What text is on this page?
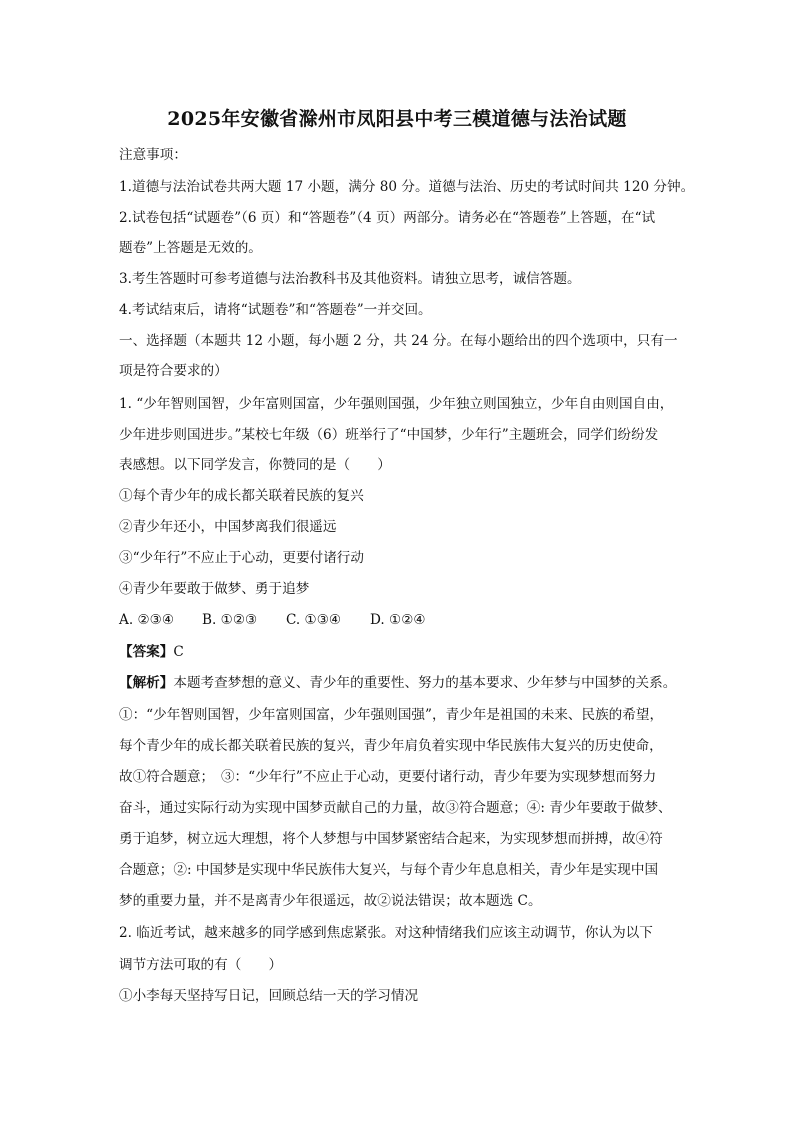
2025年安徽省滁州市凤阳县中考三模道德与法治试题
注意事项：
1.道德与法治试卷共两大题 17 小题，满分 80 分。道德与法治、历史的考试时间共 120 分钟。
2.试卷包括“试题卷”（6 页）和“答题卷”（4 页）两部分。请务必在“答题卷”上答题，在“试
题卷”上答题是无效的。
3.考生答题时可参考道德与法治教科书及其他资料。请独立思考，诚信答题。
4.考试结束后，请将“试题卷”和“答题卷”一并交回。
一、选择题（本题共 12 小题，每小题 2 分，共 24 分。在每小题给出的四个选项中，只有一
项是符合要求的）
1. “少年智则国智，少年富则国富，少年强则国强，少年独立则国独立，少年自由则国自由，
少年进步则国进步。”某校七年级（6）班举行了“中国梦，少年行”主题班会，同学们纷纷发
表感想。以下同学发言，你赞同的是（　　）
①每个青少年的成长都关联着民族的复兴
②青少年还小，中国梦离我们很遥远
③“少年行”不应止于心动，更要付诸行动
④青少年要敢于做梦、勇于追梦
A. ②③④ B. ①②③ C. ①③④ D. ①②④
【答案】C
【解析】本题考查梦想的意义、青少年的重要性、努力的基本要求、少年梦与中国梦的关系。
①：“少年智则国智，少年富则国富，少年强则国强”，青少年是祖国的未来、民族的希望，
每个青少年的成长都关联着民族的复兴，青少年肩负着实现中华民族伟大复兴的历史使命，
故①符合题意；　③：“少年行”不应止于心动，更要付诸行动，青少年要为实现梦想而努力
奋斗，通过实际行动为实现中国梦贡献自己的力量，故③符合题意；④: 青少年要敢于做梦、
勇于追梦，树立远大理想，将个人梦想与中国梦紧密结合起来，为实现梦想而拼搏，故④符
合题意；②: 中国梦是实现中华民族伟大复兴，与每个青少年息息相关，青少年是实现中国
梦的重要力量，并不是离青少年很遥远，故②说法错误；故本题选 C。
2. 临近考试，越来越多的同学感到焦虑紧张。对这种情绪我们应该主动调节，你认为以下
调节方法可取的有（　　）
①小李每天坚持写日记，回顾总结一天的学习情况
